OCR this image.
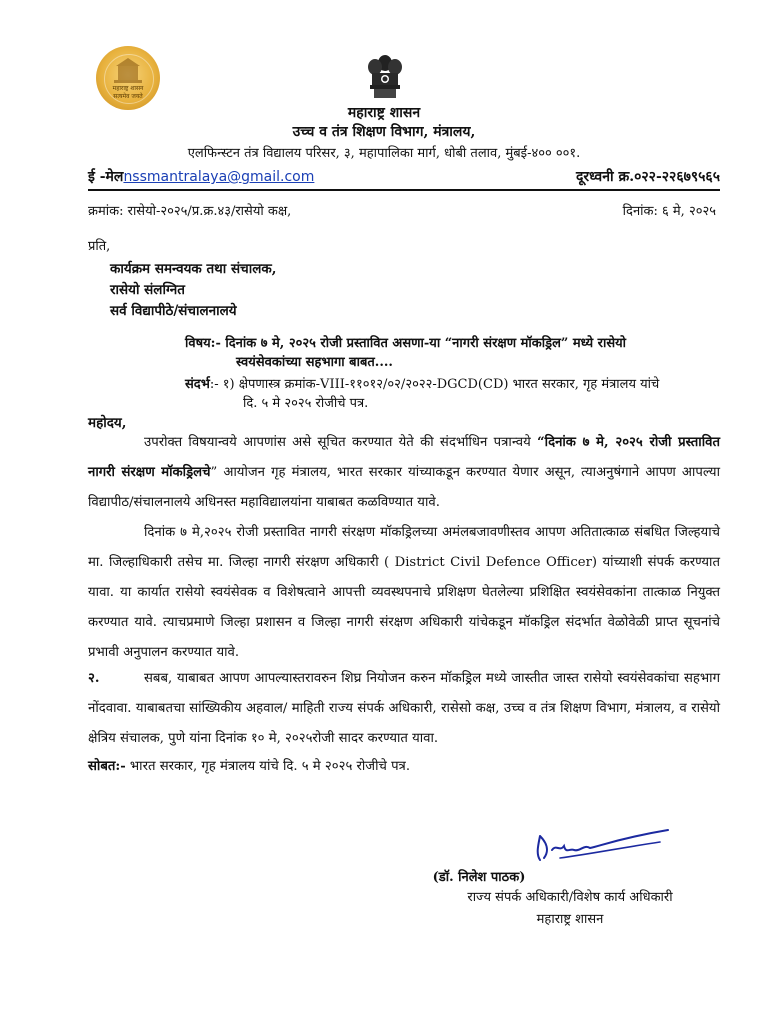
महाराष्ट्र शासन
सत्यमेव जयते
महाराष्ट्र शासन
उच्च व तंत्र शिक्षण विभाग, मंत्रालय,
एलफिन्स्टन तंत्र विद्यालय परिसर, ३, महापालिका मार्ग, धोबी तलाव, मुंबई-४०० ००१.
ई -मेलnssmantralaya@gmail.com	दूरध्वनी क्र.०२२-२२६७९५६५
क्रमांक: रासेयो-२०२५/प्र.क्र.४३/रासेयो कक्ष,	दिनांक: ६ मे, २०२५
प्रति,
कार्यक्रम समन्वयक तथा संचालक,
रासेयो संलग्नित
सर्व विद्यापीठे/संचालनालये
विषय:- दिनांक ७ मे, २०२५ रोजी प्रस्तावित असणा-या “नागरी संरक्षण मॉकड्रिल” मध्ये रासेयो
स्वयंसेवकांच्या सहभागा बाबत....
संदर्भ:- १) क्षेपणास्त्र क्रमांक-VIII-११०१२/०२/२०२२-DGCD(CD) भारत सरकार, गृह मंत्रालय यांचे
दि. ५ मे २०२५ रोजीचे पत्र.
महोदय,
उपरोक्त विषयान्वये आपणांस असे सूचित करण्यात येते की संदर्भाधिन पत्रान्वये “दिनांक ७ मे, २०२५ रोजी प्रस्तावित नागरी संरक्षण मॉकड्रिलचे” आयोजन गृह मंत्रालय, भारत सरकार यांच्याकडून करण्यात येणार असून, त्याअनुषंगाने आपण आपल्या विद्यापीठ/संचालनालये अधिनस्त महाविद्यालयांना याबाबत कळविण्यात यावे.
दिनांक ७ मे,२०२५ रोजी प्रस्तावित नागरी संरक्षण मॉकड्रिलच्या अमंलबजावणीस्तव आपण अतितात्काळ संबधित जिल्हयाचे मा. जिल्हाधिकारी तसेच मा. जिल्हा नागरी संरक्षण अधिकारी ( District Civil Defence Officer) यांच्याशी संपर्क करण्यात यावा. या कार्यात रासेयो स्वयंसेवक व विशेषत्वाने आपत्ती व्यवस्थपनाचे प्रशिक्षण घेतलेल्या प्रशिक्षित स्वयंसेवकांना तात्काळ नियुक्त करण्यात यावे. त्याचप्रमाणे जिल्हा प्रशासन व जिल्हा नागरी संरक्षण अधिकारी यांचेकडून मॉकड्रिल संदर्भात वेळोवेळी प्राप्त सूचनांचे प्रभावी अनुपालन करण्यात यावे.
२.	सबब, याबाबत आपण आपल्यास्तरावरुन शिघ्र नियोजन करुन मॉकड्रिल मध्ये जास्तीत जास्त रासेयो स्वयंसेवकांचा सहभाग नोंदवावा. याबाबतचा सांख्यिकीय अहवाल/ माहिती राज्य संपर्क अधिकारी, रासेसो कक्ष, उच्च व तंत्र शिक्षण विभाग, मंत्रालय, व रासेयो क्षेत्रिय संचालक, पुणे यांना दिनांक १० मे, २०२५रोजी सादर करण्यात यावा.
सोबत:- भारत सरकार, गृह मंत्रालय यांचे दि. ५ मे २०२५ रोजीचे पत्र.
(डॉ. निलेश पाठक)
राज्य संपर्क अधिकारी/विशेष कार्य अधिकारी
महाराष्ट्र शासन
